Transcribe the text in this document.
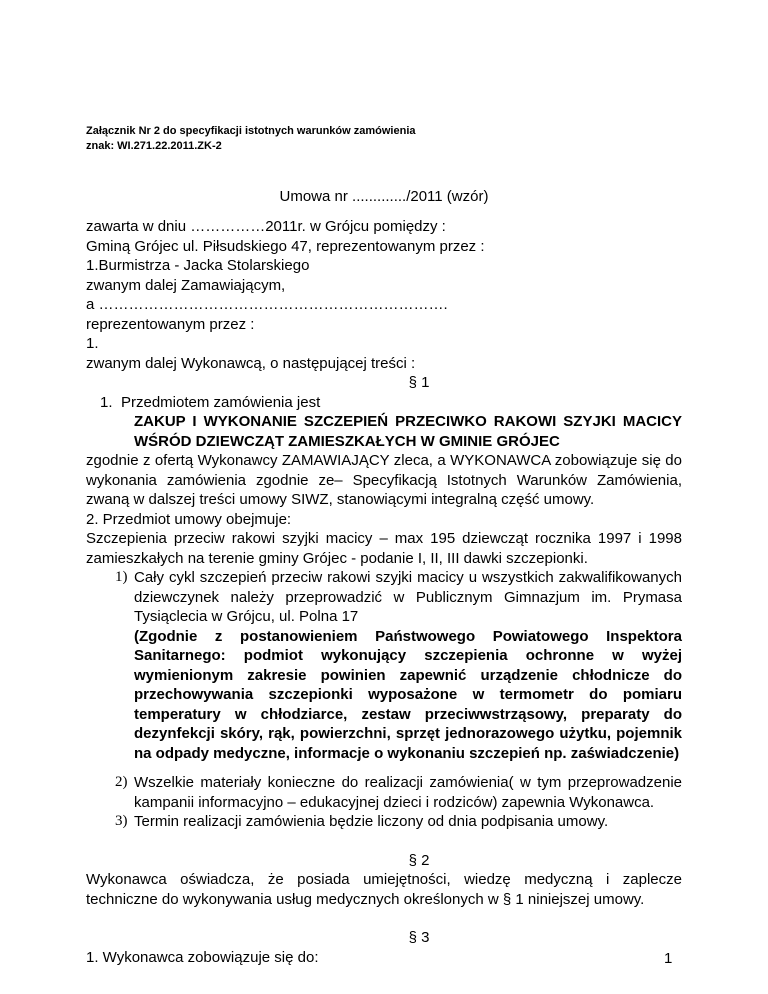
Załącznik Nr 2 do specyfikacji istotnych warunków zamówienia
znak: WI.271.22.2011.ZK-2
Umowa nr ............./2011 (wzór)

zawarta w dniu ……………2011r. w Grójcu pomiędzy :

Gminą Grójec ul. Piłsudskiego 47, reprezentowanym przez :

1.Burmistrza - Jacka Stolarskiego

zwanym dalej Zamawiającym,

a …………………………………………………………….

reprezentowanym przez :

1.

zwanym dalej Wykonawcą, o następującej treści :

§ 1

1. Przedmiotem zamówienia jest

ZAKUP I WYKONANIE SZCZEPIEŃ PRZECIWKO RAKOWI SZYJKI MACICY

WŚRÓD DZIEWCZĄT ZAMIESZKAŁYCH W GMINIE GRÓJEC

zgodnie z ofertą Wykonawcy ZAMAWIAJĄCY zleca, a WYKONAWCA zobowiązuje się do wykonania zamówienia zgodnie ze– Specyfikacją Istotnych Warunków Zamówienia, zwaną w dalszej treści umowy SIWZ, stanowiącymi integralną część umowy.

2. Przedmiot umowy obejmuje:

Szczepienia przeciw rakowi szyjki macicy – max 195 dziewcząt rocznika 1997 i 1998 zamieszkałych na terenie gminy Grójec - podanie I, II, III dawki szczepionki.

1) Cały cykl szczepień przeciw rakowi szyjki macicy u wszystkich zakwalifikowanych dziewczynek należy przeprowadzić w Publicznym Gimnazjum im. Prymasa Tysiąclecia w Grójcu, ul. Polna 17
(Zgodnie z postanowieniem Państwowego Powiatowego Inspektora Sanitarnego: podmiot wykonujący szczepienia ochronne w wyżej wymienionym zakresie powinien zapewnić urządzenie chłodnicze do przechowywania szczepionki wyposażone w termometr do pomiaru temperatury w chłodziarce, zestaw przeciwwstrząsowy, preparaty do dezynfekcji skóry, rąk, powierzchni, sprzęt jednorazowego użytku, pojemnik na odpady medyczne, informacje o wykonaniu szczepień np. zaświadczenie)
2) Wszelkie materiały konieczne do realizacji zamówienia( w tym przeprowadzenie kampanii informacyjno – edukacyjnej dzieci i rodziców) zapewnia Wykonawca.
3) Termin realizacji zamówienia będzie liczony od dnia podpisania umowy.

§ 2

Wykonawca oświadcza, że posiada umiejętności, wiedzę medyczną i zaplecze techniczne do wykonywania usług medycznych określonych w § 1 niniejszej umowy.

§ 3

1. Wykonawca zobowiązuje się do:	1
